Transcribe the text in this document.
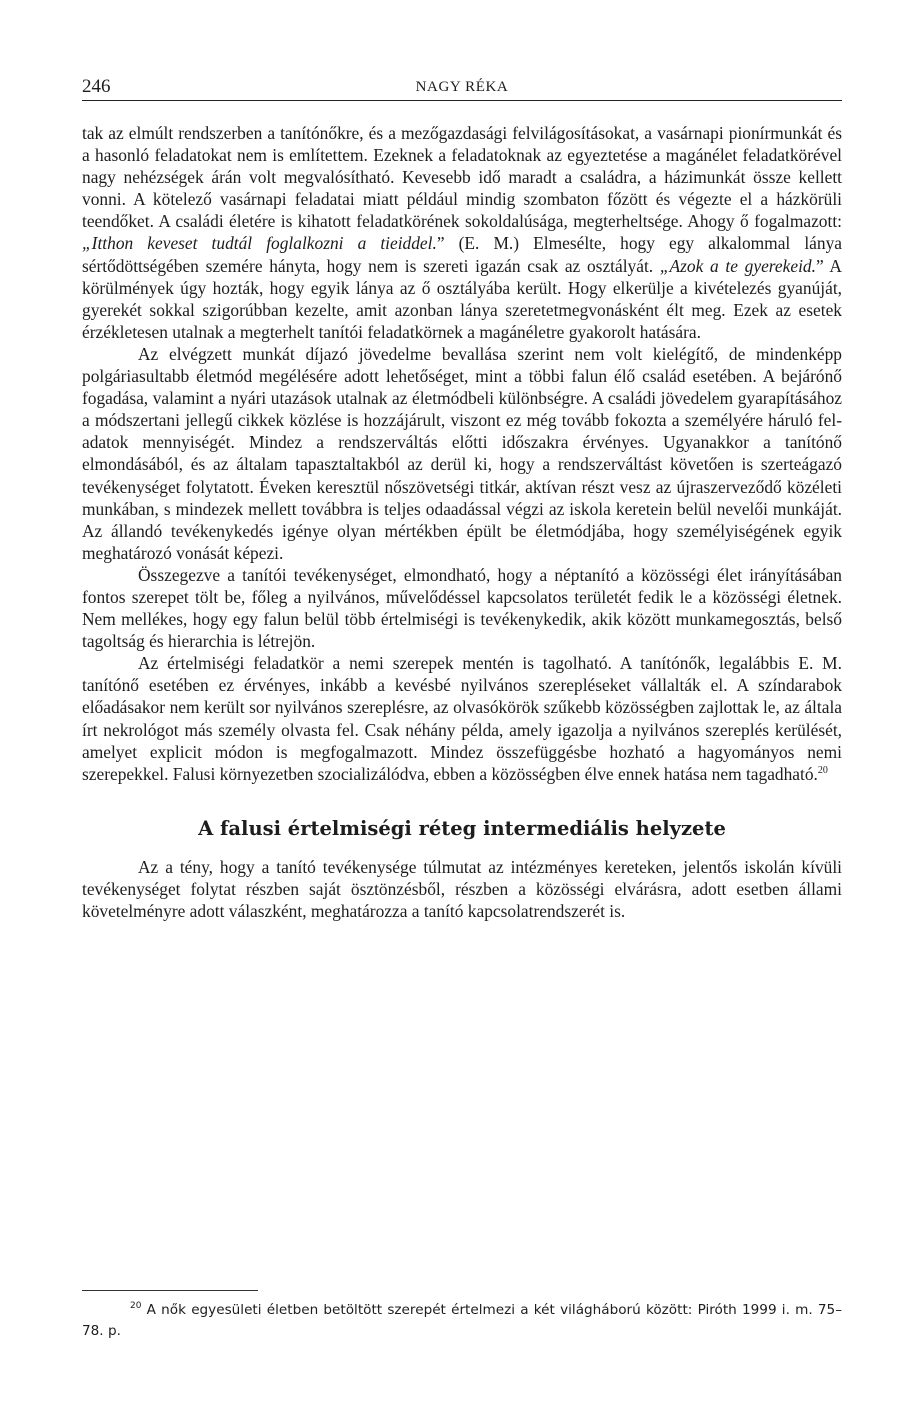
246	NAGY RÉKA

tak az elmúlt rendszerben a tanítónőkre, és a mezőgazdasági felvilágosításokat, a vasárnapi pionírmunkát és a hasonló feladatokat nem is említettem. Ezeknek a feladatoknak az egyeztetése a magánélet feladatkörével nagy nehézségek árán volt megvalósítható. Kevesebb idő maradt a családra, a házimunkát össze kellett vonni. A kötelező vasárnapi feladatai miatt például mindig szombaton főzött és végezte el a házkörüli teendőket. A családi életére is kihatott feladatkörének sokoldalúsága, megterheltsége. Ahogy ő fogalmazott: „Itthon keveset tudtál foglalkozni a tieiddel.” (E. M.) Elmesélte, hogy egy alkalommal lánya sértődöttségében szemére hányta, hogy nem is szereti igazán csak az osztályát. „Azok a te gyerekeid.” A körülmények úgy hozták, hogy egyik lánya az ő osztályába került. Hogy elkerülje a kivételezés gyanúját, gyerekét sokkal szigorúbban kezelte, amit azonban lánya szeretetmegvonásként élt meg. Ezek az esetek érzékletesen utalnak a megterhelt tanítói feladatkörnek a magánéletre gyakorolt hatására.

Az elvégzett munkát díjazó jövedelme bevallása szerint nem volt kielégítő, de mindenképp polgáriasultabb életmód megélésére adott lehetőséget, mint a többi falun élő család esetében. A bejárónő fogadása, valamint a nyári utazások utalnak az életmódbeli különbségre. A családi jövedelem gyarapításához a módszertani jellegű cikkek közlése is hozzájárult, viszont ez még tovább fokozta a személyére háruló feladatok mennyiségét. Mindez a rendszerváltás előtti időszakra érvényes. Ugyanakkor a tanítónő elmondásából, és az általam tapasztaltakból az derül ki, hogy a rendszerváltást követően is szerteágazó tevékenységet folytatott. Éveken keresztül nőszövetségi titkár, aktívan részt vesz az újraszerveződő közéleti munkában, s mindezek mellett továbbra is teljes odaadással végzi az iskola keretein belül nevelői munkáját. Az állandó tevékenykedés igénye olyan mértékben épült be életmódjába, hogy személyiségének egyik meghatározó vonását képezi.

Összegezve a tanítói tevékenységet, elmondható, hogy a néptanító a közösségi élet irányításában fontos szerepet tölt be, főleg a nyilvános, művelődéssel kapcsolatos területét fedik le a közösségi életnek. Nem mellékes, hogy egy falun belül több értelmiségi is tevékenykedik, akik között munkamegosztás, belső tagoltság és hierarchia is létrejön.

Az értelmiségi feladatkör a nemi szerepek mentén is tagolható. A tanítónők, legalábbis E. M. tanítónő esetében ez érvényes, inkább a kevésbé nyilvános szerepléseket vállalták el. A színdarabok előadásakor nem került sor nyilvános szereplésre, az olvasókörök szűkebb közösségben zajlottak le, az általa írt nekrológot más személy olvasta fel. Csak néhány példa, amely igazolja a nyilvános szereplés kerülését, amelyet explicit módon is megfogalmazott. Mindez összefüggésbe hozható a hagyományos nemi szerepekkel. Falusi környezetben szocializálódva, ebben a közösségben élve ennek hatása nem tagadható.$^{20}$

A falusi értelmiségi réteg intermediális helyzete

Az a tény, hogy a tanító tevékenysége túlmutat az intézményes kereteken, jelentős iskolán kívüli tevékenységet folytat részben saját ösztönzésből, részben a közösségi elvárásra, adott esetben állami követelményre adott válaszként, meghatározza a tanító kapcsolatrendszerét is.

$^{20}$ A nők egyesületi életben betöltött szerepét értelmezi a két világháború között: Piróth 1999 i. m. 75–78. p.
